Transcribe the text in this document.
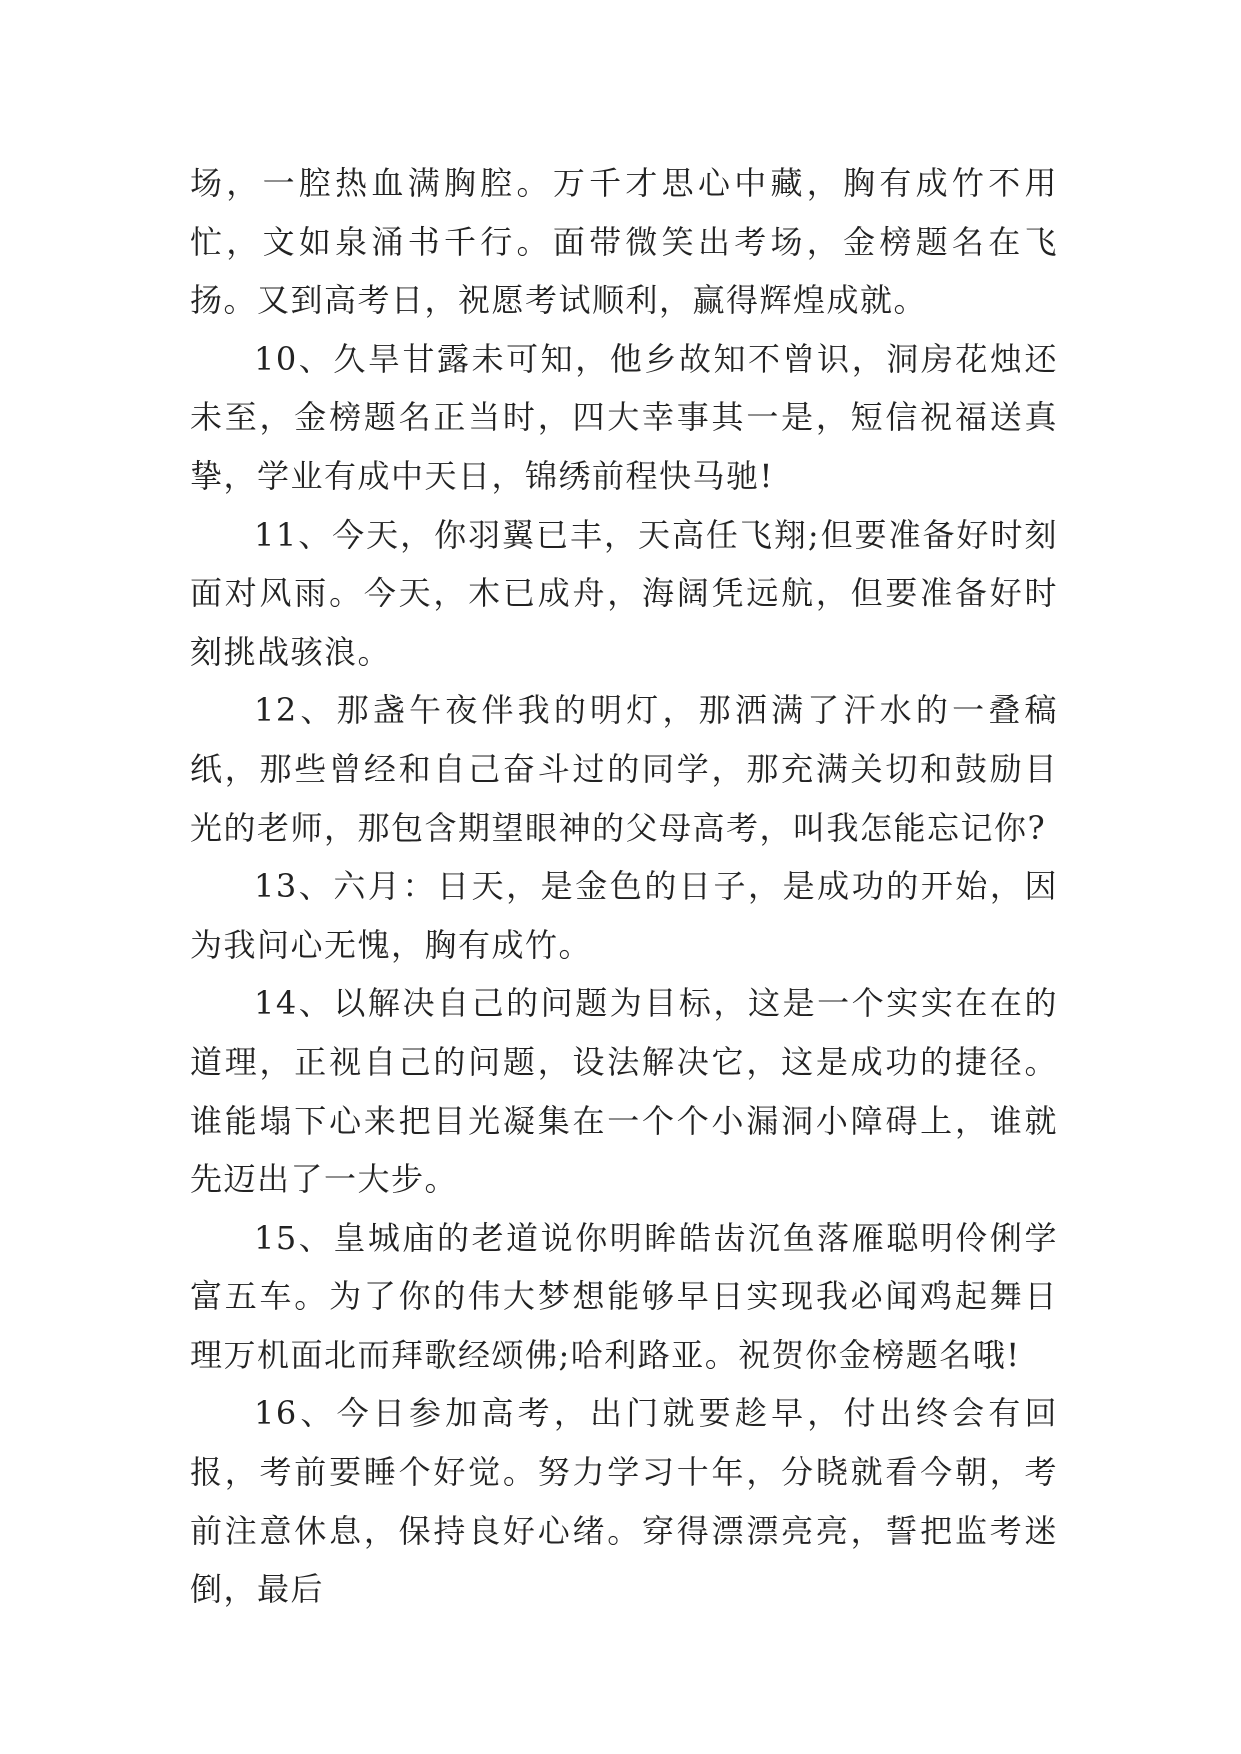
场，一腔热血满胸腔。万千才思心中藏，胸有成竹不用忙，文如泉涌书千行。面带微笑出考场，金榜题名在飞扬。又到高考日，祝愿考试顺利，赢得辉煌成就。

10、久旱甘露未可知，他乡故知不曾识，洞房花烛还未至，金榜题名正当时，四大幸事其一是，短信祝福送真挚，学业有成中天日，锦绣前程快马驰!

11、今天，你羽翼已丰，天高任飞翔;但要准备好时刻面对风雨。今天，木已成舟，海阔凭远航，但要准备好时刻挑战骇浪。

12、那盏午夜伴我的明灯，那洒满了汗水的一叠稿纸，那些曾经和自己奋斗过的同学，那充满关切和鼓励目光的老师，那包含期望眼神的父母高考，叫我怎能忘记你?

13、六月：日天，是金色的日子，是成功的开始，因为我问心无愧，胸有成竹。

14、以解决自己的问题为目标，这是一个实实在在的道理，正视自己的问题，设法解决它，这是成功的捷径。谁能塌下心来把目光凝集在一个个小漏洞小障碍上，谁就先迈出了一大步。

15、皇城庙的老道说你明眸皓齿沉鱼落雁聪明伶俐学富五车。为了你的伟大梦想能够早日实现我必闻鸡起舞日理万机面北而拜歌经颂佛;哈利路亚。祝贺你金榜题名哦!

16、今日参加高考，出门就要趁早，付出终会有回报，考前要睡个好觉。努力学习十年，分晓就看今朝，考前注意休息，保持良好心绪。穿得漂漂亮亮，誓把监考迷倒，最后
